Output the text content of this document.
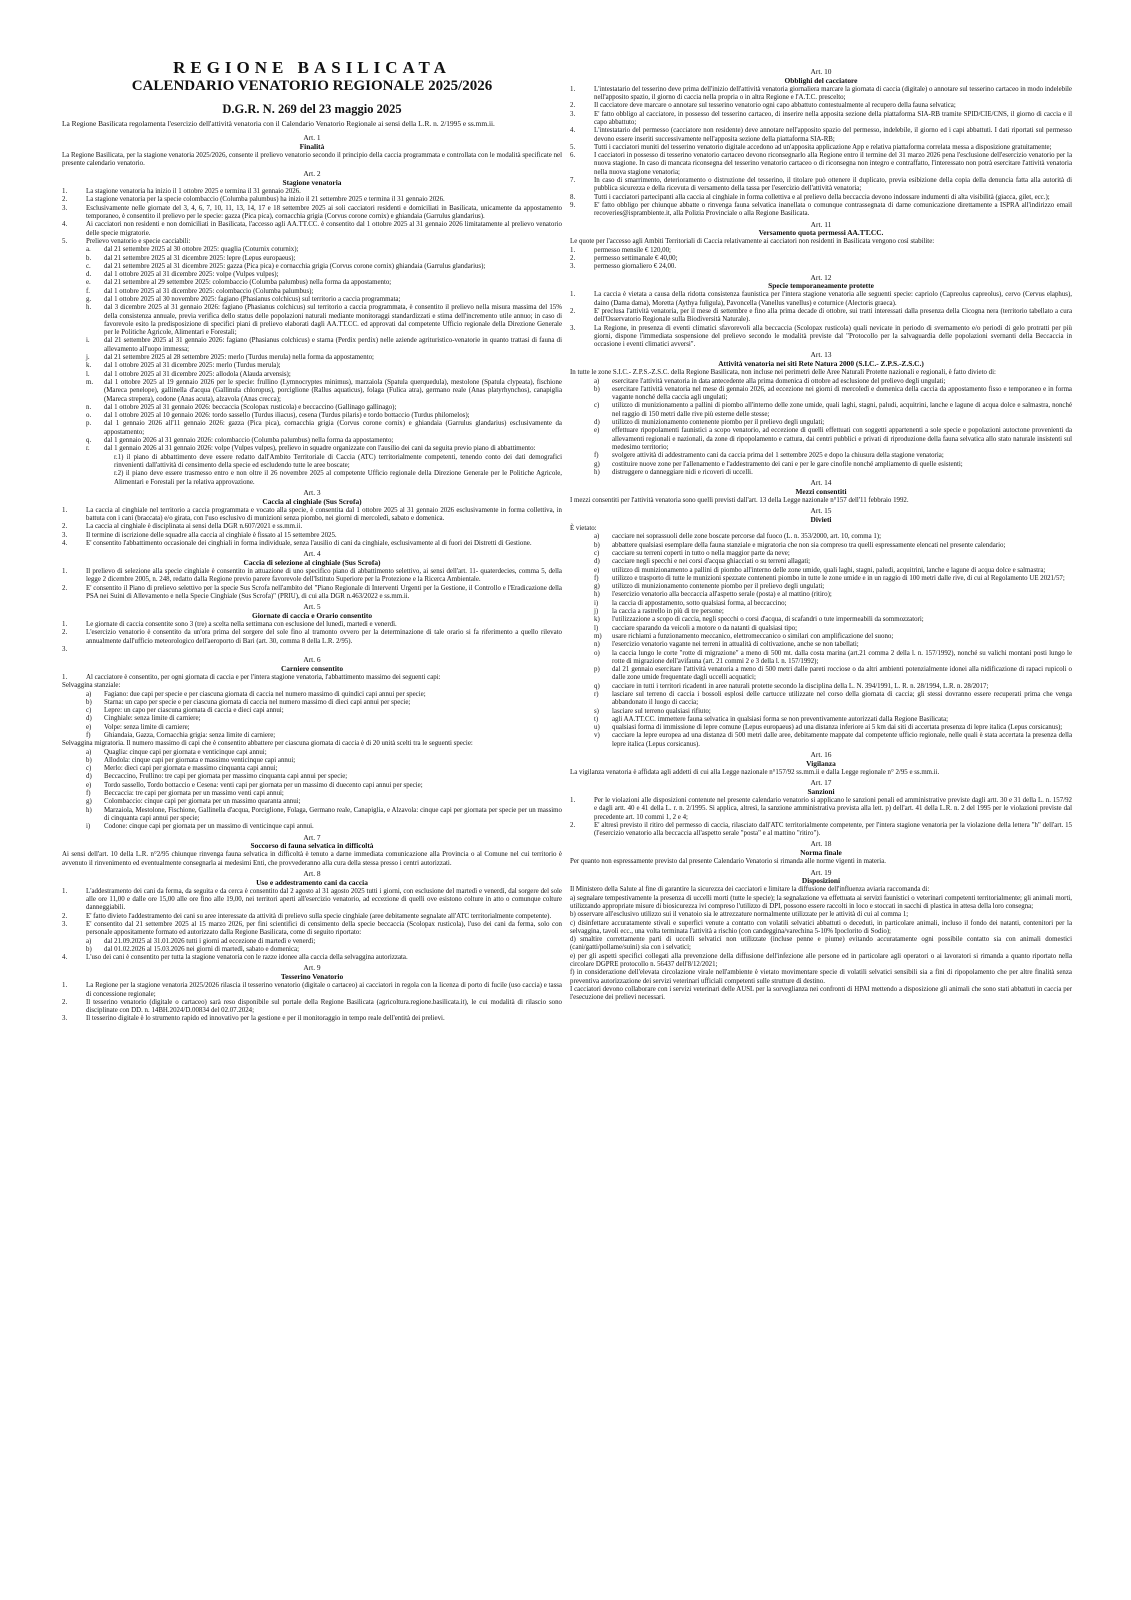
REGIONE BASILICATA
CALENDARIO VENATORIO REGIONALE 2025/2026
D.G.R. N. 269 del 23 maggio 2025
La Regione Basilicata regolamenta l'esercizio dell'attività venatoria con il Calendario Venatorio Regionale ai sensi della L.R. n. 2/1995 e ss.mm.ii.
Art. 1
Finalità
La Regione Basilicata, per la stagione venatoria 2025/2026, consente il prelievo venatorio secondo il principio della caccia programmata e controllata con le modalità specificate nel presente calendario venatorio.
Art. 2
Stagione venatoria
1.	La stagione venatoria ha inizio il 1 ottobre 2025 e termina il 31 gennaio 2026.
2.	La stagione venatoria per la specie colombaccio (Columba palumbus) ha inizio il 21 settembre 2025 e termina il 31 gennaio 2026.
3.	Esclusivamente nelle giornate del 3, 4, 6, 7, 10, 11, 13, 14, 17 e 18 settembre 2025 ai soli cacciatori residenti e domiciliati in Basilicata, unicamente da appostamento temporaneo, è consentito il prelievo per le specie: gazza (Pica pica), cornacchia grigia (Corvus corone cornix) e ghiandaia (Garrulus glandarius).
4.	Ai cacciatori non residenti e non domiciliati in Basilicata, l'accesso agli AA.TT.CC. è consentito dal 1 ottobre 2025 al 31 gennaio 2026 limitatamente al prelievo venatorio delle specie migratorie.
5.	Prelievo venatorio e specie cacciabili:
a.	dal 21 settembre 2025 al 30 ottobre 2025: quaglia (Coturnix coturnix);
b.	dal 21 settembre 2025 al 31 dicembre 2025: lepre (Lepus europaeus);
c.	dal 21 settembre 2025 al 31 dicembre 2025: gazza (Pica pica) e cornacchia grigia (Corvus corone cornix) ghiandaia (Garrulus glandarius);
d.	dal 1 ottobre 2025 al 31 dicembre 2025: volpe (Vulpes vulpes);
e.	dal 21 settembre al 29 settembre 2025: colombaccio (Columba palumbus) nella forma da appostamento;
f.	dal 1 ottobre 2025 al 31 dicembre 2025: colombaccio (Columba palumbus);
g.	dal 1 ottobre 2025 al 30 novembre 2025: fagiano (Phasianus colchicus) sul territorio a caccia programmata;
h.	dal 3 dicembre 2025 al 31 gennaio 2026: fagiano (Phasianus colchicus) sul territorio a caccia programmata, è consentito il prelievo nella misura massima del 15% della consistenza annuale, previa verifica dello status delle popolazioni naturali mediante monitoraggi standardizzati e stima dell'incremento utile annuo; in caso di favorevole esito la predisposizione di specifici piani di prelievo elaborati dagli AA.TT.CC. ed approvati dal competente Ufficio regionale della Direzione Generale per le Politiche Agricole, Alimentari e Forestali;
i.	dal 21 settembre 2025 al 31 gennaio 2026: fagiano (Phasianus colchicus) e starna (Perdix perdix) nelle aziende agrituristico-venatorie in quanto trattasi di fauna di allevamento all'uopo immessa;
j.	dal 21 settembre 2025 al 28 settembre 2025: merlo (Turdus merula) nella forma da appostamento;
k.	dal 1 ottobre 2025 al 31 dicembre 2025: merlo (Turdus merula);
l.	dal 1 ottobre 2025 al 31 dicembre 2025: allodola (Alauda arvensis);
m.	dal 1 ottobre 2025 al 19 gennaio 2026 per le specie: frullino (Lymnocryptes minimus), marzaiola (Spatula querquedula), mestolone (Spatula clypeata), fischione (Mareca penelope), gallinella d'acqua (Gallinula chloropus), porciglione (Rallus aquaticus), folaga (Fulica atra), germano reale (Anas platyrhynchos), canapiglia (Mareca strepera), codone (Anas acuta), alzavola (Anas crecca);
n.	dal 1 ottobre 2025 al 31 gennaio 2026: beccaccia (Scolopax rusticola) e beccaccino (Gallinago gallinago);
o.	dal 1 ottobre 2025 al 10 gennaio 2026: tordo sassello (Turdus iliacus), cesena (Turdus pilaris) e tordo bottaccio (Turdus philomelos);
p.	dal 1 gennaio 2026 all'11 gennaio 2026: gazza (Pica pica), cornacchia grigia (Corvus corone cornix) e ghiandaia (Garrulus glandarius) esclusivamente da appostamento;
q.	dal 1 gennaio 2026 al 31 gennaio 2026: colombaccio (Columba palumbus) nella forma da appostamento;
r.	dal 1 gennaio 2026 al 31 gennaio 2026: volpe (Vulpes vulpes), prelievo in squadre organizzate con l'ausilio dei cani da seguita previo piano di abbattimento:
r.1) il piano di abbattimento deve essere redatto dall'Ambito Territoriale di Caccia (ATC) territorialmente competenti, tenendo conto dei dati demografici rinvenienti dall'attività di censimento della specie ed escludendo tutte le aree boscate;
r.2) il piano deve essere trasmesso entro e non oltre il 26 novembre 2025 al competente Ufficio regionale della Direzione Generale per le Politiche Agricole, Alimentari e Forestali per la relativa approvazione.
Art. 3
Caccia al cinghiale (Sus Scrofa)
1.	La caccia al cinghiale nel territorio a caccia programmata e vocato alla specie, è consentita dal 1 ottobre 2025 al 31 gennaio 2026 esclusivamente in forma collettiva, in battuta con i cani (braccata) e/o girata, con l'uso esclusivo di munizioni senza piombo, nei giorni di mercoledì, sabato e domenica.
2.	La caccia al cinghiale è disciplinata ai sensi della DGR n.607/2021 e ss.mm.ii.
3.	Il termine di iscrizione delle squadre alla caccia al cinghiale è fissato al 15 settembre 2025.
4.	E' consentito l'abbattimento occasionale dei cinghiali in forma individuale, senza l'ausilio di cani da cinghiale, esclusivamente al di fuori dei Distretti di Gestione.
Art. 4
Caccia di selezione al cinghiale (Sus Scrofa)
1.	Il prelievo di selezione alla specie cinghiale è consentito in attuazione di uno specifico piano di abbattimento selettivo, ai sensi dell'art. 11- quaterdecies, comma 5, della legge 2 dicembre 2005, n. 248, redatto dalla Regione previo parere favorevole dell'Istituto Superiore per la Protezione e la Ricerca Ambientale.
2.	E' consentito il Piano di prelievo selettivo per la specie Sus Scrofa nell'ambito del "Piano Regionale di Interventi Urgenti per la Gestione, il Controllo e l'Eradicazione della PSA nei Suini di Allevamento e nella Specie Cinghiale (Sus Scrofa)" (PRIU), di cui alla DGR n.463/2022 e ss.mm.ii.
Art. 5
Giornate di caccia e Orario consentito
1.	Le giornate di caccia consentite sono 3 (tre) a scelta nella settimana con esclusione del lunedì, martedì e venerdì.
2.	L'esercizio venatorio è consentito da un'ora prima del sorgere del sole fino al tramonto ovvero per la determinazione di tale orario si fa riferimento a quello rilevato annualmente dall'ufficio meteorologico dell'aeroporto di Bari (art. 30, comma 8 della L.R. 2/95).
3.
Art. 6
Carniere consentito
1.	Al cacciatore è consentito, per ogni giornata di caccia e per l'intera stagione venatoria, l'abbattimento massimo dei seguenti capi:
Selvaggina stanziale:
a)	Fagiano: due capi per specie e per ciascuna giornata di caccia nel numero massimo di quindici capi annui per specie;
b)	Starna: un capo per specie e per ciascuna giornata di caccia nel numero massimo di dieci capi annui per specie;
c)	Lepre: un capo per ciascuna giornata di caccia e dieci capi annui;
d)	Cinghiale: senza limite di carniere;
e)	Volpe: senza limite di carniere;
f)	Ghiandaia, Gazza, Cornacchia grigia: senza limite di carniere;
Selvaggina migratoria. Il numero massimo di capi che è consentito abbattere per ciascuna giornata di caccia è di 20 unità scelti tra le seguenti specie:
a)	Quaglia: cinque capi per giornata e venticinque capi annui;
b)	Allodola: cinque capi per giornata e massimo venticinque capi annui;
c)	Merlo: dieci capi per giornata e massimo cinquanta capi annui;
d)	Beccaccino, Frullino: tre capi per giornata per massimo cinquanta capi annui per specie;
e)	Tordo sassello, Tordo bottaccio e Cesena: venti capi per giornata per un massimo di duecento capi annui per specie;
f)	Beccaccia: tre capi per giornata per un massimo venti capi annui;
g)	Colombaccio: cinque capi per giornata per un massimo quaranta annui;
h)	Marzaiola, Mestolone, Fischione, Gallinella d'acqua, Porciglione, Folaga, Germano reale, Canapiglia, e Alzavola: cinque capi per giornata per specie per un massimo di cinquanta capi annui per specie;
i)	Codone: cinque capi per giornata per un massimo di venticinque capi annui.
Art. 7
Soccorso di fauna selvatica in difficoltà
Ai sensi dell'art. 10 della L.R. n°2/95 chiunque rinvenga fauna selvatica in difficoltà è tenuto a darne immediata comunicazione alla Provincia o al Comune nel cui territorio è avvenuto il rinvenimento ed eventualmente consegnarla ai medesimi Enti, che provvederanno alla cura della stessa presso i centri autorizzati.
Art. 8
Uso e addestramento cani da caccia
1.	L'addestramento dei cani da ferma, da seguita e da cerca è consentito dal 2 agosto al 31 agosto 2025 tutti i giorni, con esclusione del martedì e venerdì, dal sorgere del sole alle ore 11,00 e dalle ore 15,00 alle ore fino alle 19,00, nei territori aperti all'esercizio venatorio, ad eccezione di quelli ove esistono colture in atto o comunque colture danneggiabili.
2.	E' fatto divieto l'addestramento dei cani su aree interessate da attività di prelievo sulla specie cinghiale (aree debitamente segnalate all'ATC territorialmente competente).
3.	E' consentito dal 21 settembre 2025 al 15 marzo 2026, per fini scientifici di censimento della specie beccaccia (Scolopax rusticola), l'uso dei cani da ferma, solo con personale appositamente formato ed autorizzato dalla Regione Basilicata, come di seguito riportato:
a)	dal 21.09.2025 al 31.01.2026 tutti i giorni ad eccezione di martedì e venerdì;
b)	dal 01.02.2026 al 15.03.2026 nei giorni di martedì, sabato e domenica;
4.	L'uso dei cani è consentito per tutta la stagione venatoria con le razze idonee alla caccia della selvaggina autorizzata.
Art. 9
Tesserino Venatorio
1.	La Regione per la stagione venatoria 2025/2026 rilascia il tesserino venatorio (digitale o cartaceo) ai cacciatori in regola con la licenza di porto di fucile (uso caccia) e tassa di concessione regionale;
2.	Il tesserino venatorio (digitale o cartaceo) sarà reso disponibile sul portale della Regione Basilicata (agricoltura.regione.basilicata.it), le cui modalità di rilascio sono disciplinate con DD. n. 14BH.2024/D.00834 del 02.07.2024;
3.	Il tesserino digitale è lo strumento rapido ed innovativo per la gestione e per il monitoraggio in tempo reale dell'entità dei prelievi.
Art. 10
Obblighi del cacciatore
1.	L'intestatario del tesserino deve prima dell'inizio dell'attività venatoria giornaliera marcare la giornata di caccia (digitale) o annotare sul tesserino cartaceo in modo indelebile nell'apposito spazio, il giorno di caccia nella propria o in altra Regione e l'A.T.C. prescelto;
2.	Il cacciatore deve marcare o annotare sul tesserino venatorio ogni capo abbattuto contestualmente al recupero della fauna selvatica;
3.	E' fatto obbligo al cacciatore, in possesso del tesserino cartaceo, di inserire nella apposita sezione della piattaforma SIA-RB tramite SPID/CIE/CNS, il giorno di caccia e il capo abbattuto;
4.	L'intestatario del permesso (cacciatore non residente) deve annotare nell'apposito spazio del permesso, indelebile, il giorno ed i capi abbattuti. I dati riportati sul permesso devono essere inseriti successivamente nell'apposita sezione della piattaforma SIA-RB;
5.	Tutti i cacciatori muniti del tesserino venatorio digitale accedono ad un'apposita applicazione App e relativa piattaforma correlata messa a disposizione gratuitamente;
6.	I cacciatori in possesso di tesserino venatorio cartaceo devono riconsegnarlo alla Regione entro il termine del 31 marzo 2026 pena l'esclusione dell'esercizio venatorio per la nuova stagione. In caso di mancata riconsegna del tesserino venatorio cartaceo o di riconsegna non integro e contraffatto, l'interessato non potrà esercitare l'attività venatoria nella nuova stagione venatoria;
7.	In caso di smarrimento, deterioramento o distruzione del tesserino, il titolare può ottenere il duplicato, previa esibizione della copia della denuncia fatta alla autorità di pubblica sicurezza e della ricevuta di versamento della tassa per l'esercizio dell'attività venatoria;
8.	Tutti i cacciatori partecipanti alla caccia al cinghiale in forma collettiva e al prelievo della beccaccia devono indossare indumenti di alta visibilità (giacca, gilet, ecc.);
9.	E' fatto obbligo per chiunque abbatte o rinvenga fauna selvatica inanellata o comunque contrassegnata di darne comunicazione direttamente a ISPRA all'indirizzo email recoveries@isprambiente.it, alla Polizia Provinciale o alla Regione Basilicata.
Art. 11
Versamento quota permessi AA.TT.CC.
Le quote per l'accesso agli Ambiti Territoriali di Caccia relativamente ai cacciatori non residenti in Basilicata vengono così stabilite:
1.	permesso mensile € 120,00;
2.	permesso settimanale € 40,00;
3.	permesso giornaliero € 24,00.
Art. 12
Specie temporaneamente protette
1.	La caccia è vietata a causa della ridotta consistenza faunistica per l'intera stagione venatoria alle seguenti specie: capriolo (Capreolus capreolus), cervo (Cervus elaphus), daino (Dama dama), Moretta (Aythya fuligula), Pavoncella (Vanellus vanellus) e coturnice (Alectoris graeca).
2.	E' preclusa l'attività venatoria, per il mese di settembre e fino alla prima decade di ottobre, sui tratti interessati dalla presenza della Cicogna nera (territorio tabellato a cura dell'Osservatorio Regionale sulla Biodiversità Naturale).
3.	La Regione, in presenza di eventi climatici sfavorevoli alla beccaccia (Scolopax rusticola) quali nevicate in periodo di svernamento e/o periodi di gelo protratti per più giorni, dispone l'immediata sospensione del prelievo secondo le modalità previste dal "Protocollo per la salvaguardia delle popolazioni svernanti della Beccaccia in occasione i eventi climatici avversi".
Art. 13
Attività venatoria nei siti Rete Natura 2000 (S.I.C.- Z.P.S.-Z.S.C.)
In tutte le zone S.I.C.- Z.P.S.-Z.S.C. della Regione Basilicata, non incluse nei perimetri delle Aree Naturali Protette nazionali e regionali, è fatto divieto di:
a)	esercitare l'attività venatoria in data antecedente alla prima domenica di ottobre ad esclusione del prelievo degli ungulati;
b)	esercitare l'attività venatoria nel mese di gennaio 2026, ad eccezione nei giorni di mercoledì e domenica della caccia da appostamento fisso e temporaneo e in forma vagante nonché della caccia agli ungulati;
c)	utilizzo di munizionamento a pallini di piombo all'interno delle zone umide, quali laghi, stagni, paludi, acquitrini, lanche e lagune di acqua dolce e salmastra, nonché nel raggio di 150 metri dalle rive più esterne delle stesse;
d)	utilizzo di munizionamento contenente piombo per il prelievo degli ungulati;
e)	effettuare ripopolamenti faunistici a scopo venatorio, ad eccezione di quelli effettuati con soggetti appartenenti a sole specie e popolazioni autoctone provenienti da allevamenti regionali e nazionali, da zone di ripopolamento e cattura, dai centri pubblici e privati di riproduzione della fauna selvatica allo stato naturale insistenti sul medesimo territorio;
f)	svolgere attività di addestramento cani da caccia prima del 1 settembre 2025 e dopo la chiusura della stagione venatoria;
g)	costituire nuove zone per l'allenamento e l'addestramento dei cani e per le gare cinofile nonché ampliamento di quelle esistenti;
h)	distruggere o danneggiare nidi e ricoveri di uccelli.
Art. 14
Mezzi consentiti
I mezzi consentiti per l'attività venatoria sono quelli previsti dall'art. 13 della Legge nazionale n°157 dell'11 febbraio 1992.
Art. 15
Divieti
È vietato:
a)	cacciare nei soprassuoli delle zone boscate percorse dal fuoco (L. n. 353/2000, art. 10, comma 1);
b)	abbattere qualsiasi esemplare della fauna stanziale e migratoria che non sia compreso tra quelli espressamente elencati nel presente calendario;
c)	cacciare su terreni coperti in tutto o nella maggior parte da neve;
d)	cacciare negli specchi e nei corsi d'acqua ghiacciati o su terreni allagati;
e)	utilizzo di munizionamento a pallini di piombo all'interno delle zone umide, quali laghi, stagni, paludi, acquitrini, lanche e lagune di acqua dolce e salmastra;
f)	utilizzo e trasporto di tutte le munizioni spezzate contenenti piombo in tutte le zone umide e in un raggio di 100 metri dalle rive, di cui al Regolamento UE 2021/57;
g)	utilizzo di munizionamento contenente piombo per il prelievo degli ungulati;
h)	l'esercizio venatorio alla beccaccia all'aspetto serale (posta) e al mattino (ritiro);
i)	la caccia di appostamento, sotto qualsiasi forma, al beccaccino;
j)	la caccia a rastrello in più di tre persone;
k)	l'utilizzazione a scopo di caccia, negli specchi o corsi d'acqua, di scafandri o tute impermeabili da sommozzatori;
l)	cacciare sparando da veicoli a motore o da natanti di qualsiasi tipo;
m)	usare richiami a funzionamento meccanico, elettromeccanico o similari con amplificazione del suono;
n)	l'esercizio venatorio vagante nei terreni in attualità di coltivazione, anche se non tabellati;
o)	la caccia lungo le corte "rotte di migrazione" a meno di 500 mt. dalla costa marina (art.21 comma 2 della l. n. 157/1992), nonché su valichi montani posti lungo le rotte di migrazione dell'avifauna (art. 21 commi 2 e 3 della l. n. 157/1992);
p)	dal 21 gennaio esercitare l'attività venatoria a meno di 500 metri dalle pareti rocciose o da altri ambienti potenzialmente idonei alla nidificazione di rapaci rupicoli o dalle zone umide frequentate dagli uccelli acquatici;
q)	cacciare in tutti i territori ricadenti in aree naturali protette secondo la disciplina della L. N. 394/1991, L. R. n. 28/1994, L.R. n. 28/2017;
r)	lasciare sul terreno di caccia i bossoli esplosi delle cartucce utilizzate nel corso della giornata di caccia; gli stessi dovranno essere recuperati prima che venga abbandonato il luogo di caccia;
s)	lasciare sul terreno qualsiasi rifiuto;
t)	agli AA.TT.CC. immettere fauna selvatica in qualsiasi forma se non preventivamente autorizzati dalla Regione Basilicata;
u)	qualsiasi forma di immissione di lepre comune (Lepus europaeus) ad una distanza inferiore ai 5 km dai siti di accertata presenza di lepre italica (Lepus corsicanus);
v)	cacciare la lepre europea ad una distanza di 500 metri dalle aree, debitamente mappate dal competente ufficio regionale, nelle quali è stata accertata la presenza della lepre italica (Lepus corsicanus).
Art. 16
Vigilanza
La vigilanza venatoria è affidata agli addetti di cui alla Legge nazionale n°157/92 ss.mm.ii e dalla Legge regionale n° 2/95 e ss.mm.ii.
Art. 17
Sanzioni
1.	Per le violazioni alle disposizioni contenute nel presente calendario venatorio si applicano le sanzioni penali ed amministrative previste dagli artt. 30 e 31 della L. n. 157/92 e dagli artt. 40 e 41 della L. r. n. 2/1995. Si applica, altresì, la sanzione amministrativa prevista alla lett. p) dell'art. 41 della L.R. n. 2 del 1995 per le violazioni previste dal precedente art. 10 commi 1, 2 e 4;
2.	E' altresì previsto il ritiro del permesso di caccia, rilasciato dall'ATC territorialmente competente, per l'intera stagione venatoria per la violazione della lettera "h" dell'art. 15 (l'esercizio venatorio alla beccaccia all'aspetto serale "posta" e al mattino "ritiro").
Art. 18
Norma finale
Per quanto non espressamente previsto dal presente Calendario Venatorio si rimanda alle norme vigenti in materia.
Art. 19
Disposizioni
Il Ministero della Salute al fine di garantire la sicurezza dei cacciatori e limitare la diffusione dell'influenza aviaria raccomanda di:
a) segnalare tempestivamente la presenza di uccelli morti (tutte le specie); la segnalazione va effettuata ai servizi faunistici o veterinari competenti territorialmente; gli animali morti, utilizzando appropriate misure di biosicurezza ivi compreso l'utilizzo di DPI, possono essere raccolti in loco e stoccati in sacchi di plastica in attesa della loro consegna;
b) osservare all'esclusivo utilizzo sui il venatoio sia le attrezzature normalmente utilizzate per le attività di cui al comma 1;
c) disinfettare accuratamente stivali e superfici venute a contatto con volatili selvatici abbattuti o deceduti, in particolare animali, incluso il fondo dei natanti, contenitori per la selvaggina, tavoli ecc., una volta terminata l'attività a rischio (con candeggina/varechina 5-10% Ipoclorito di Sodio);
d) smaltire correttamente parti di uccelli selvatici non utilizzate (incluse penne e piume) evitando accuratamente ogni possibile contatto sia con animali domestici (cani/gatti/pollame/suini) sia con i selvatici;
e) per gli aspetti specifici collegati alla prevenzione della diffusione dell'infezione alle persone ed in particolare agli operatori o ai lavoratori si rimanda a quanto riportato nella circolare DGPRE protocollo n. 56437 dell'8/12/2021;
f) in considerazione dell'elevata circolazione virale nell'ambiente è vietato movimentare specie di volatili selvatici sensibili sia a fini di ripopolamento che per altre finalità senza preventiva autorizzazione dei servizi veterinari ufficiali competenti sulle strutture di destino.
I cacciatori devono collaborare con i servizi veterinari delle AUSL per la sorveglianza nei confronti di HPAI mettendo a disposizione gli animali che sono stati abbattuti in caccia per l'esecuzione dei prelievi necessari.
